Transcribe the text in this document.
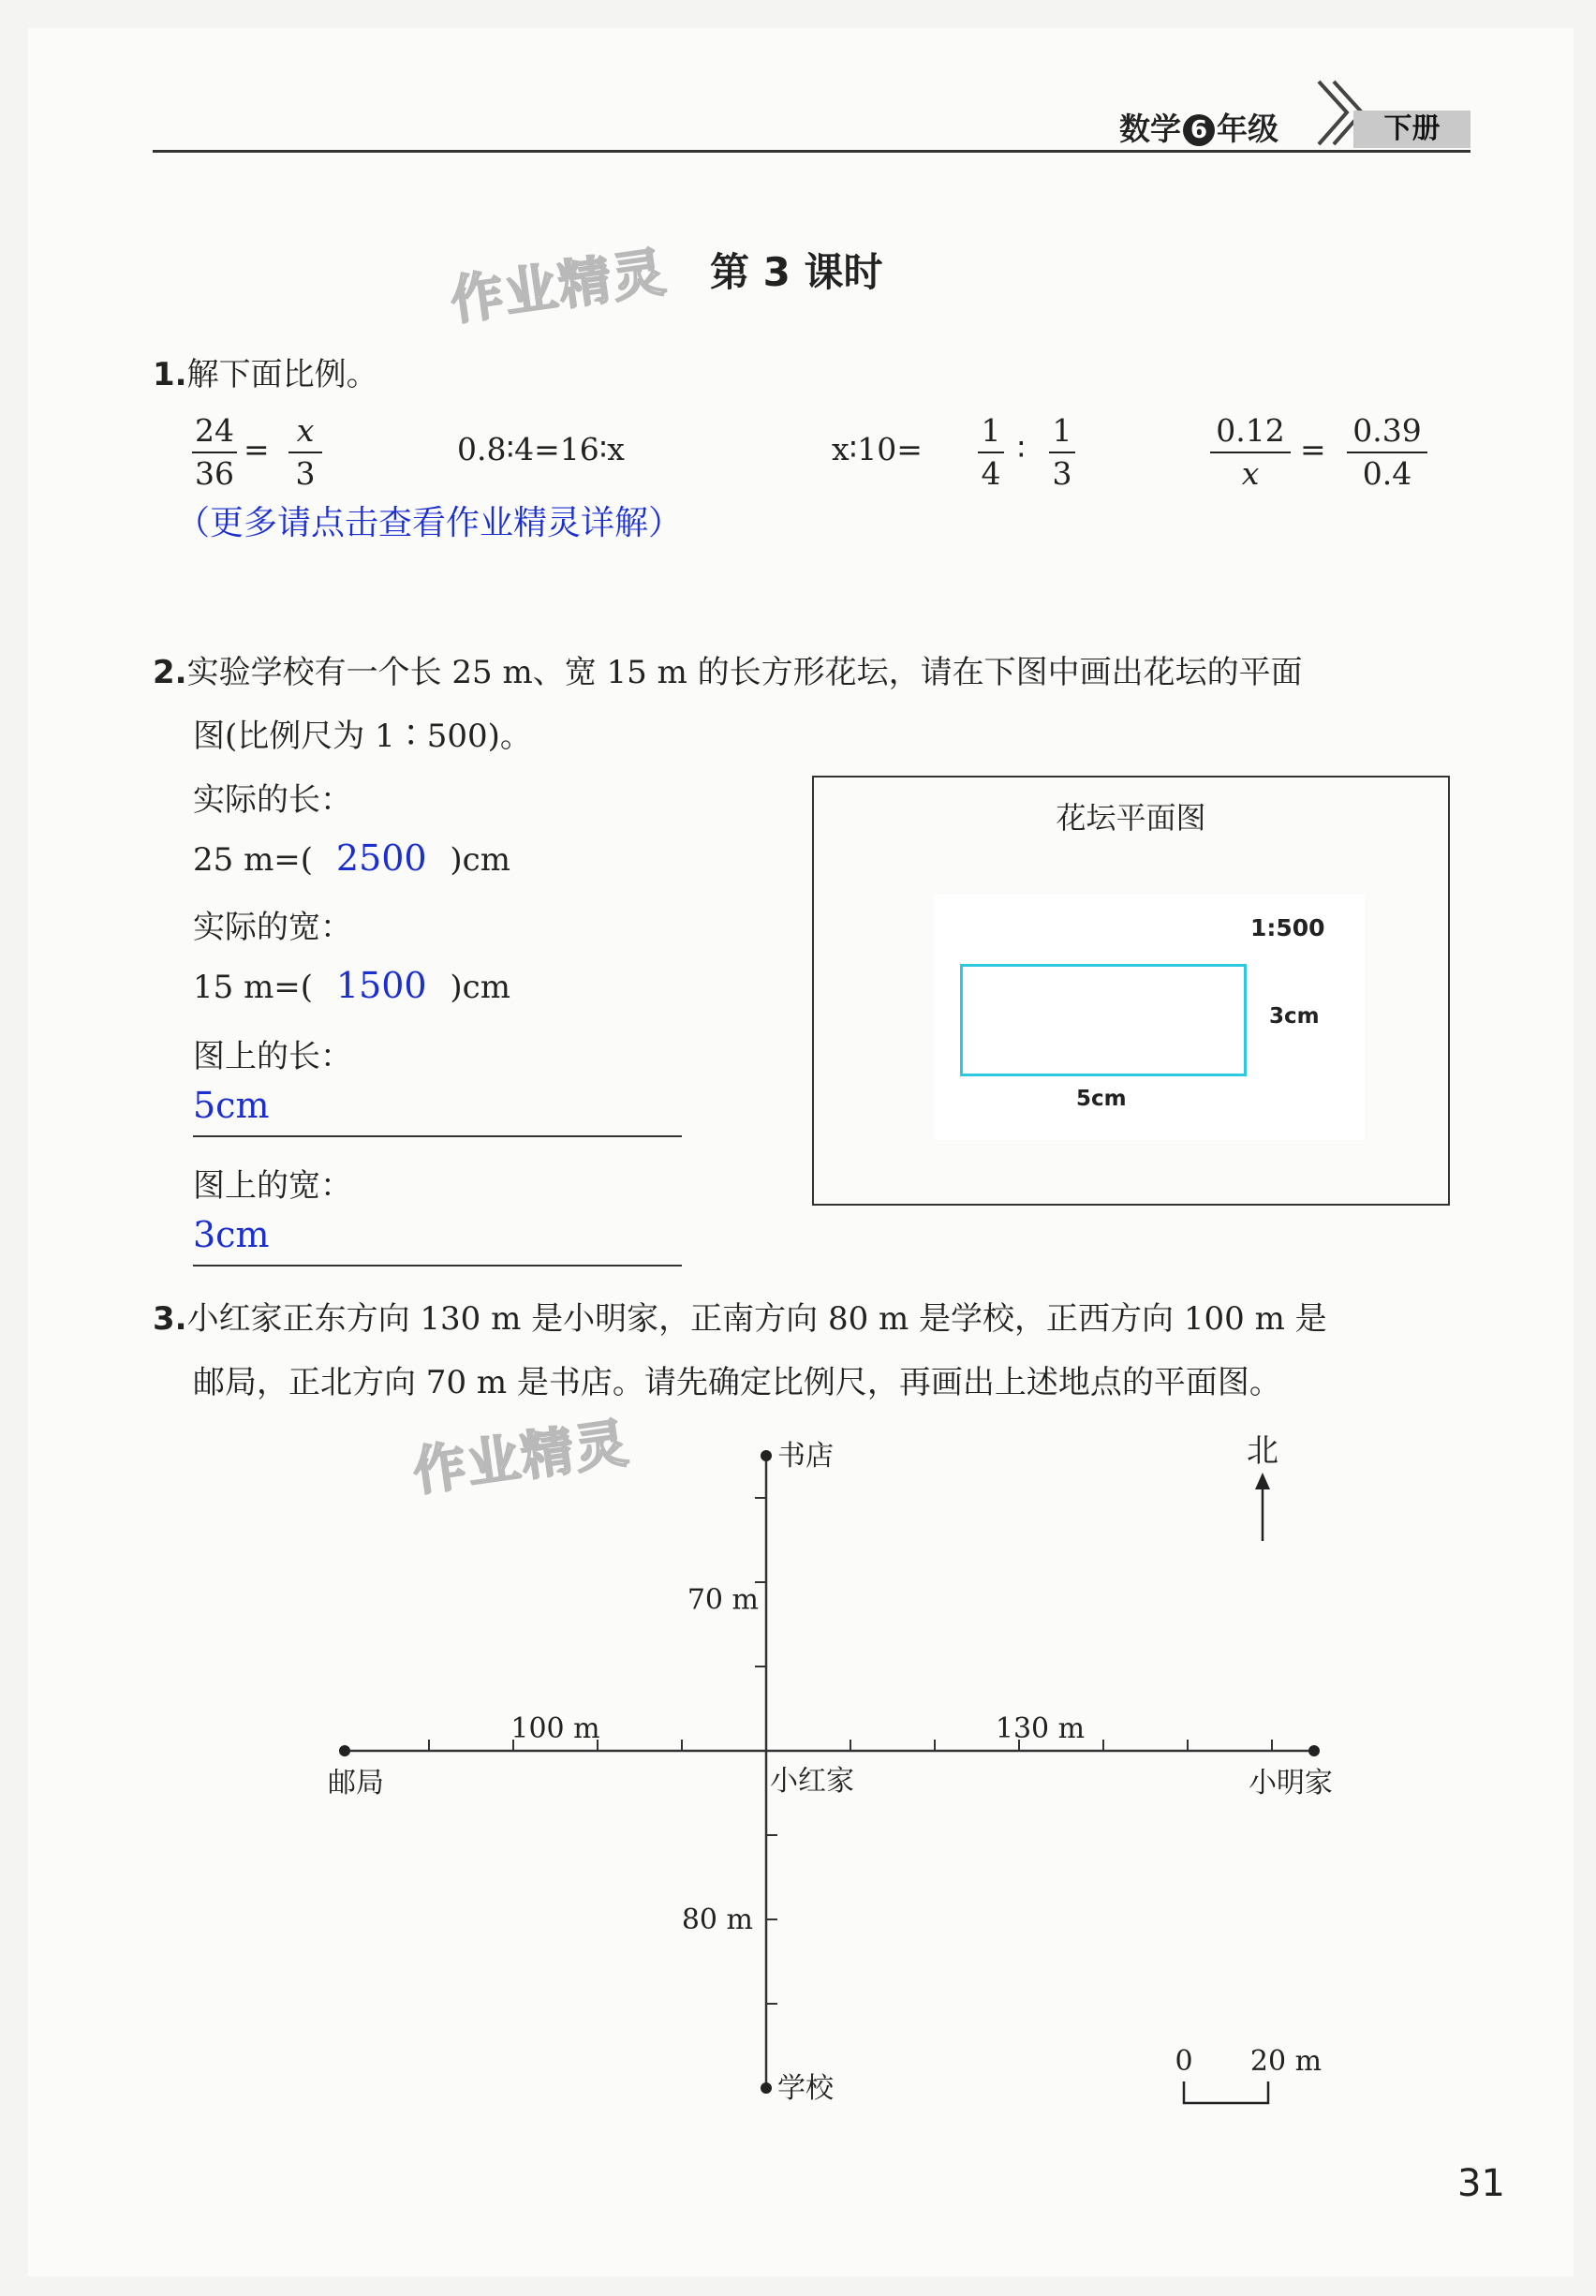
数学 6 年级	下册
作业精灵
作业精灵
第 3 课时
1.解下面比例。
24
36
=
x
3
0.8∶4=16∶x	x∶10=
1
4
∶
1
3
0.12
x
=
0.39
0.4
（更多请点击查看作业精灵详解）
2.实验学校有一个长 25 m、宽 15 m 的长方形花坛，请在下图中画出花坛的平面
图(比例尺为 1∶500)。
实际的长：
25 m=( 2500 )cm
实际的宽：
15 m=( 1500 )cm
图上的长：
5cm
图上的宽：
3cm
花坛平面图
1:500
3cm
5cm
3.小红家正东方向 130 m 是小明家，正南方向 80 m 是学校，正西方向 100 m 是
邮局，正北方向 70 m 是书店。请先确定比例尺，再画出上述地点的平面图。
书店
学校
邮局	小明家
小红家
70 m
80 m
100 m	130 m
北
0 20 m
31
